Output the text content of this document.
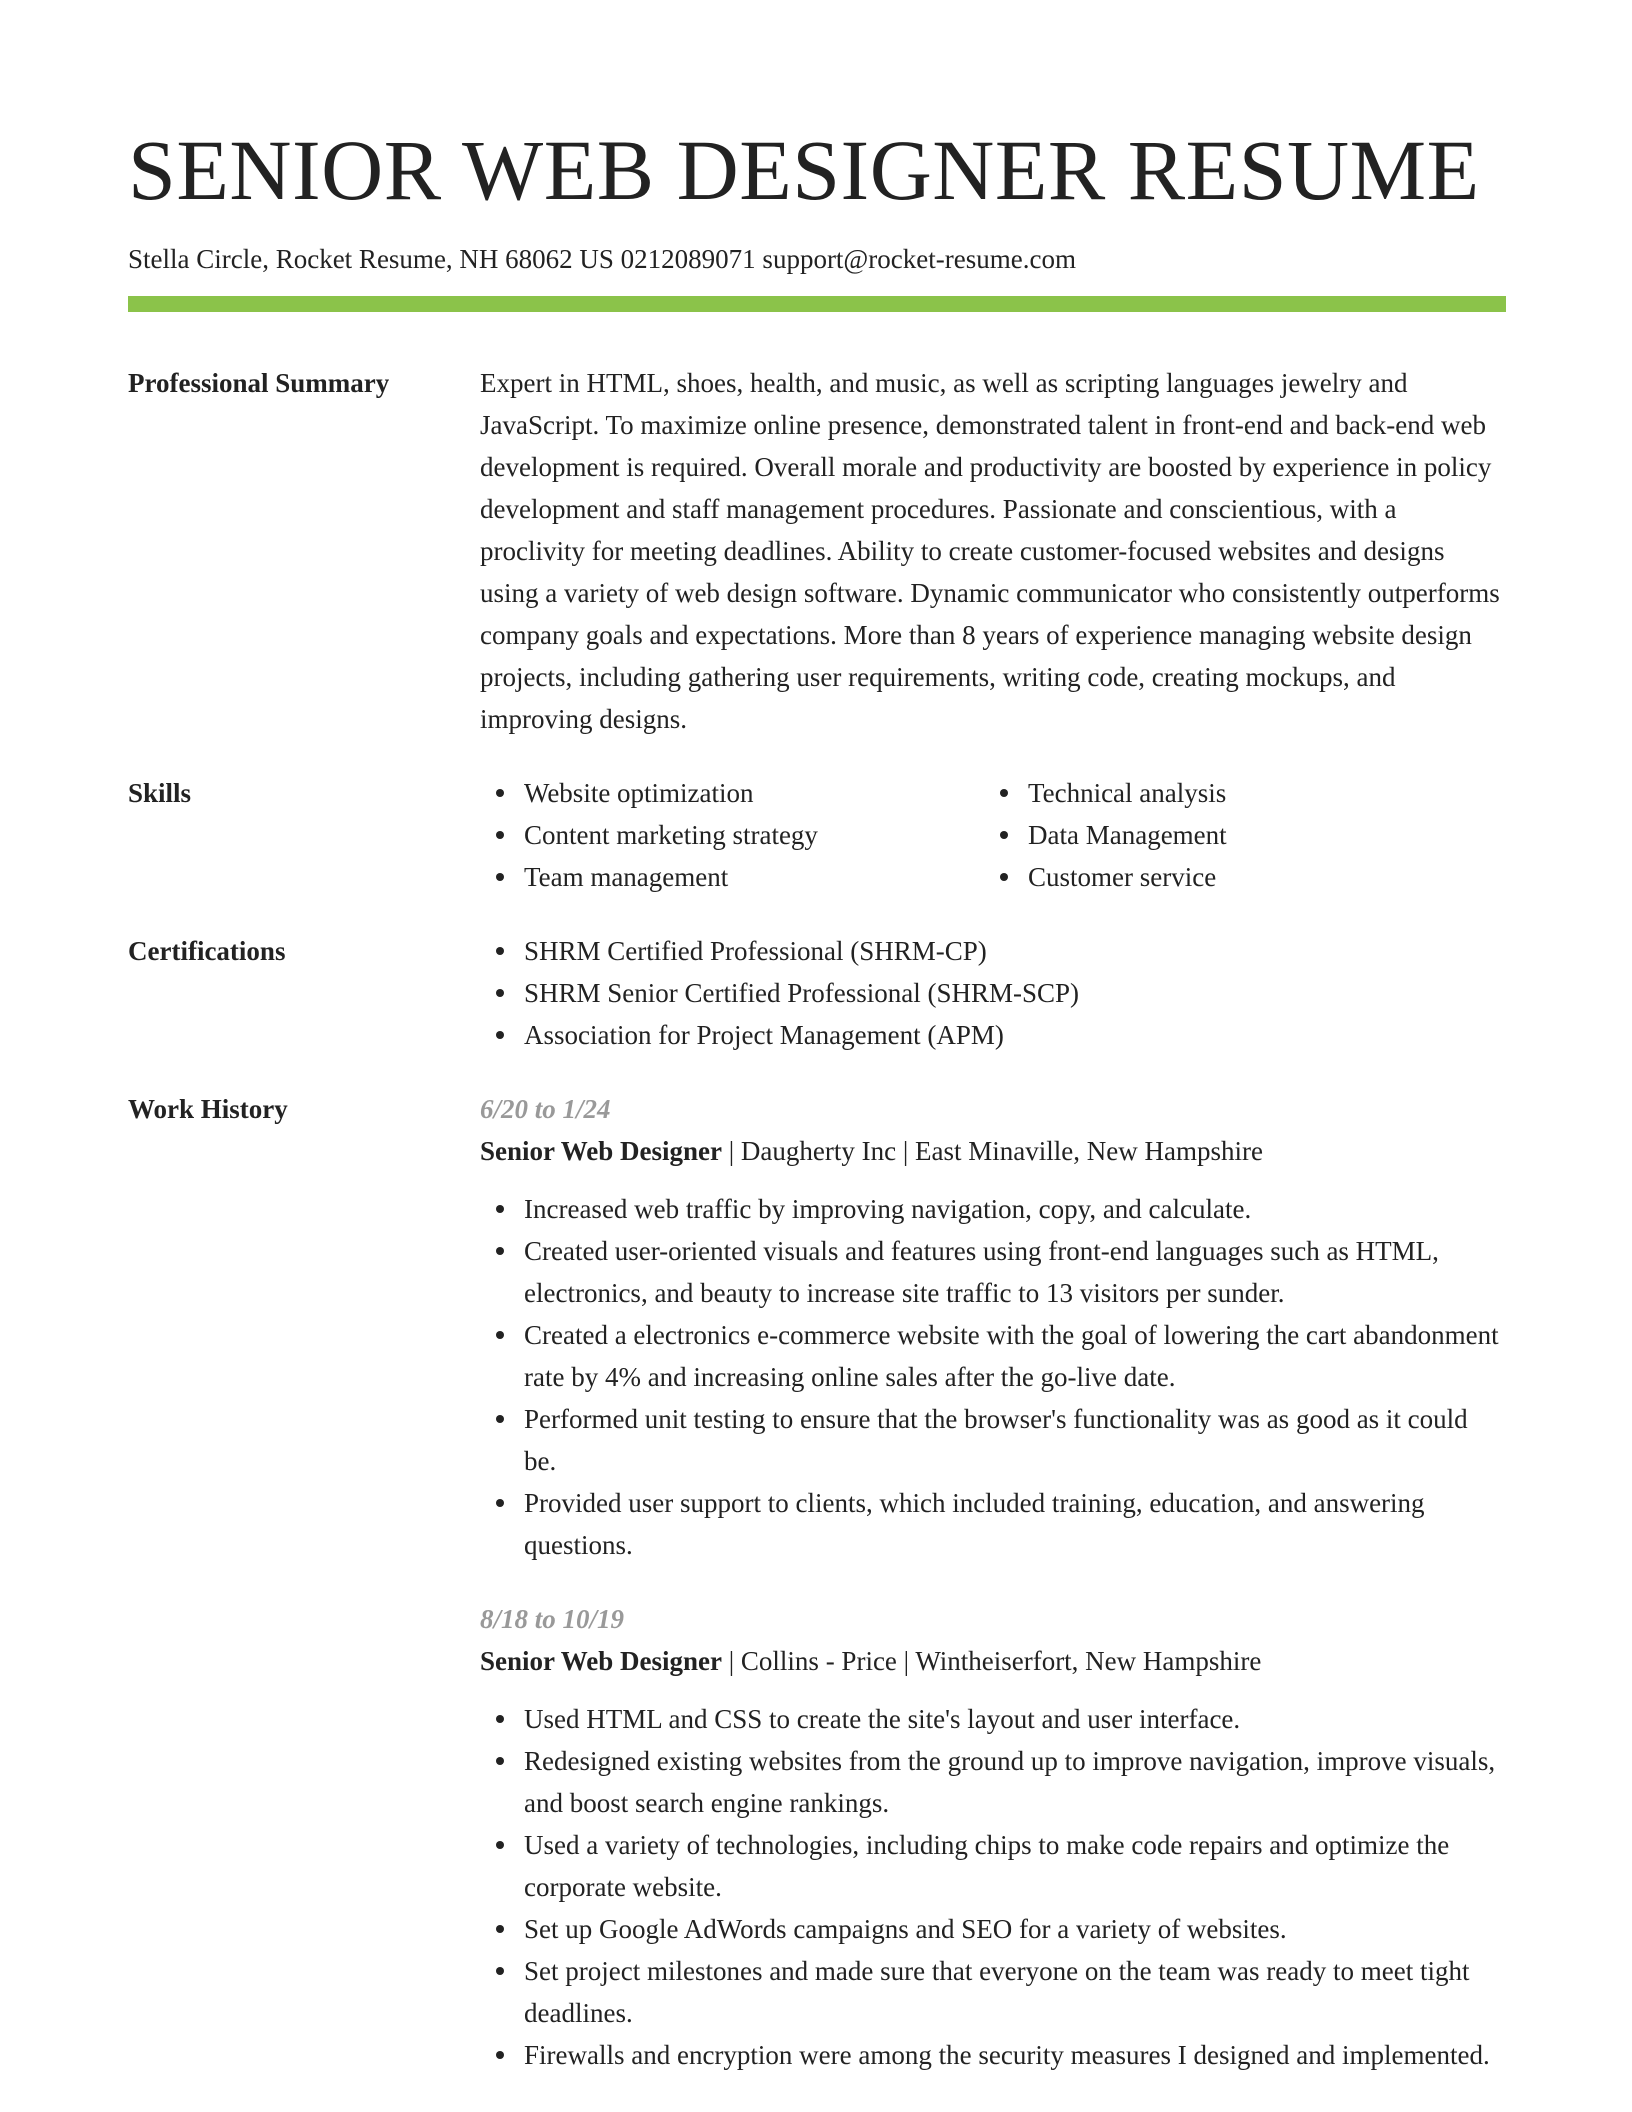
SENIOR WEB DESIGNER RESUME
Stella Circle, Rocket Resume, NH 68062 US 0212089071 support@rocket-resume.com
Professional Summary	Expert in HTML, shoes, health, and music, as well as scripting languages jewelry and JavaScript. To maximize online presence, demonstrated talent in front-end and back-end web development is required. Overall morale and productivity are boosted by experience in policy development and staff management procedures. Passionate and conscientious, with a proclivity for meeting deadlines. Ability to create customer-focused websites and designs using a variety of web design software. Dynamic communicator who consistently outperforms company goals and expectations. More than 8 years of experience managing website design projects, including gathering user requirements, writing code, creating mockups, and improving designs.
Skills	Website optimization
Content marketing strategy
Team management
Technical analysis
Data Management
Customer service
Certifications	SHRM Certified Professional (SHRM-CP)
SHRM Senior Certified Professional (SHRM-SCP)
Association for Project Management (APM)
Work History	6/20 to 1/24
Senior Web Designer | Daugherty Inc | East Minaville, New Hampshire
Increased web traffic by improving navigation, copy, and calculate.
Created user-oriented visuals and features using front-end languages such as HTML, electronics, and beauty to increase site traffic to 13 visitors per sunder.
Created a electronics e-commerce website with the goal of lowering the cart abandonment rate by 4% and increasing online sales after the go-live date.
Performed unit testing to ensure that the browser's functionality was as good as it could be.
Provided user support to clients, which included training, education, and answering questions.
8/18 to 10/19
Senior Web Designer | Collins - Price | Wintheiserfort, New Hampshire
Used HTML and CSS to create the site's layout and user interface.
Redesigned existing websites from the ground up to improve navigation, improve visuals, and boost search engine rankings.
Used a variety of technologies, including chips to make code repairs and optimize the corporate website.
Set up Google AdWords campaigns and SEO for a variety of websites.
Set project milestones and made sure that everyone on the team was ready to meet tight deadlines.
Firewalls and encryption were among the security measures I designed and implemented.
